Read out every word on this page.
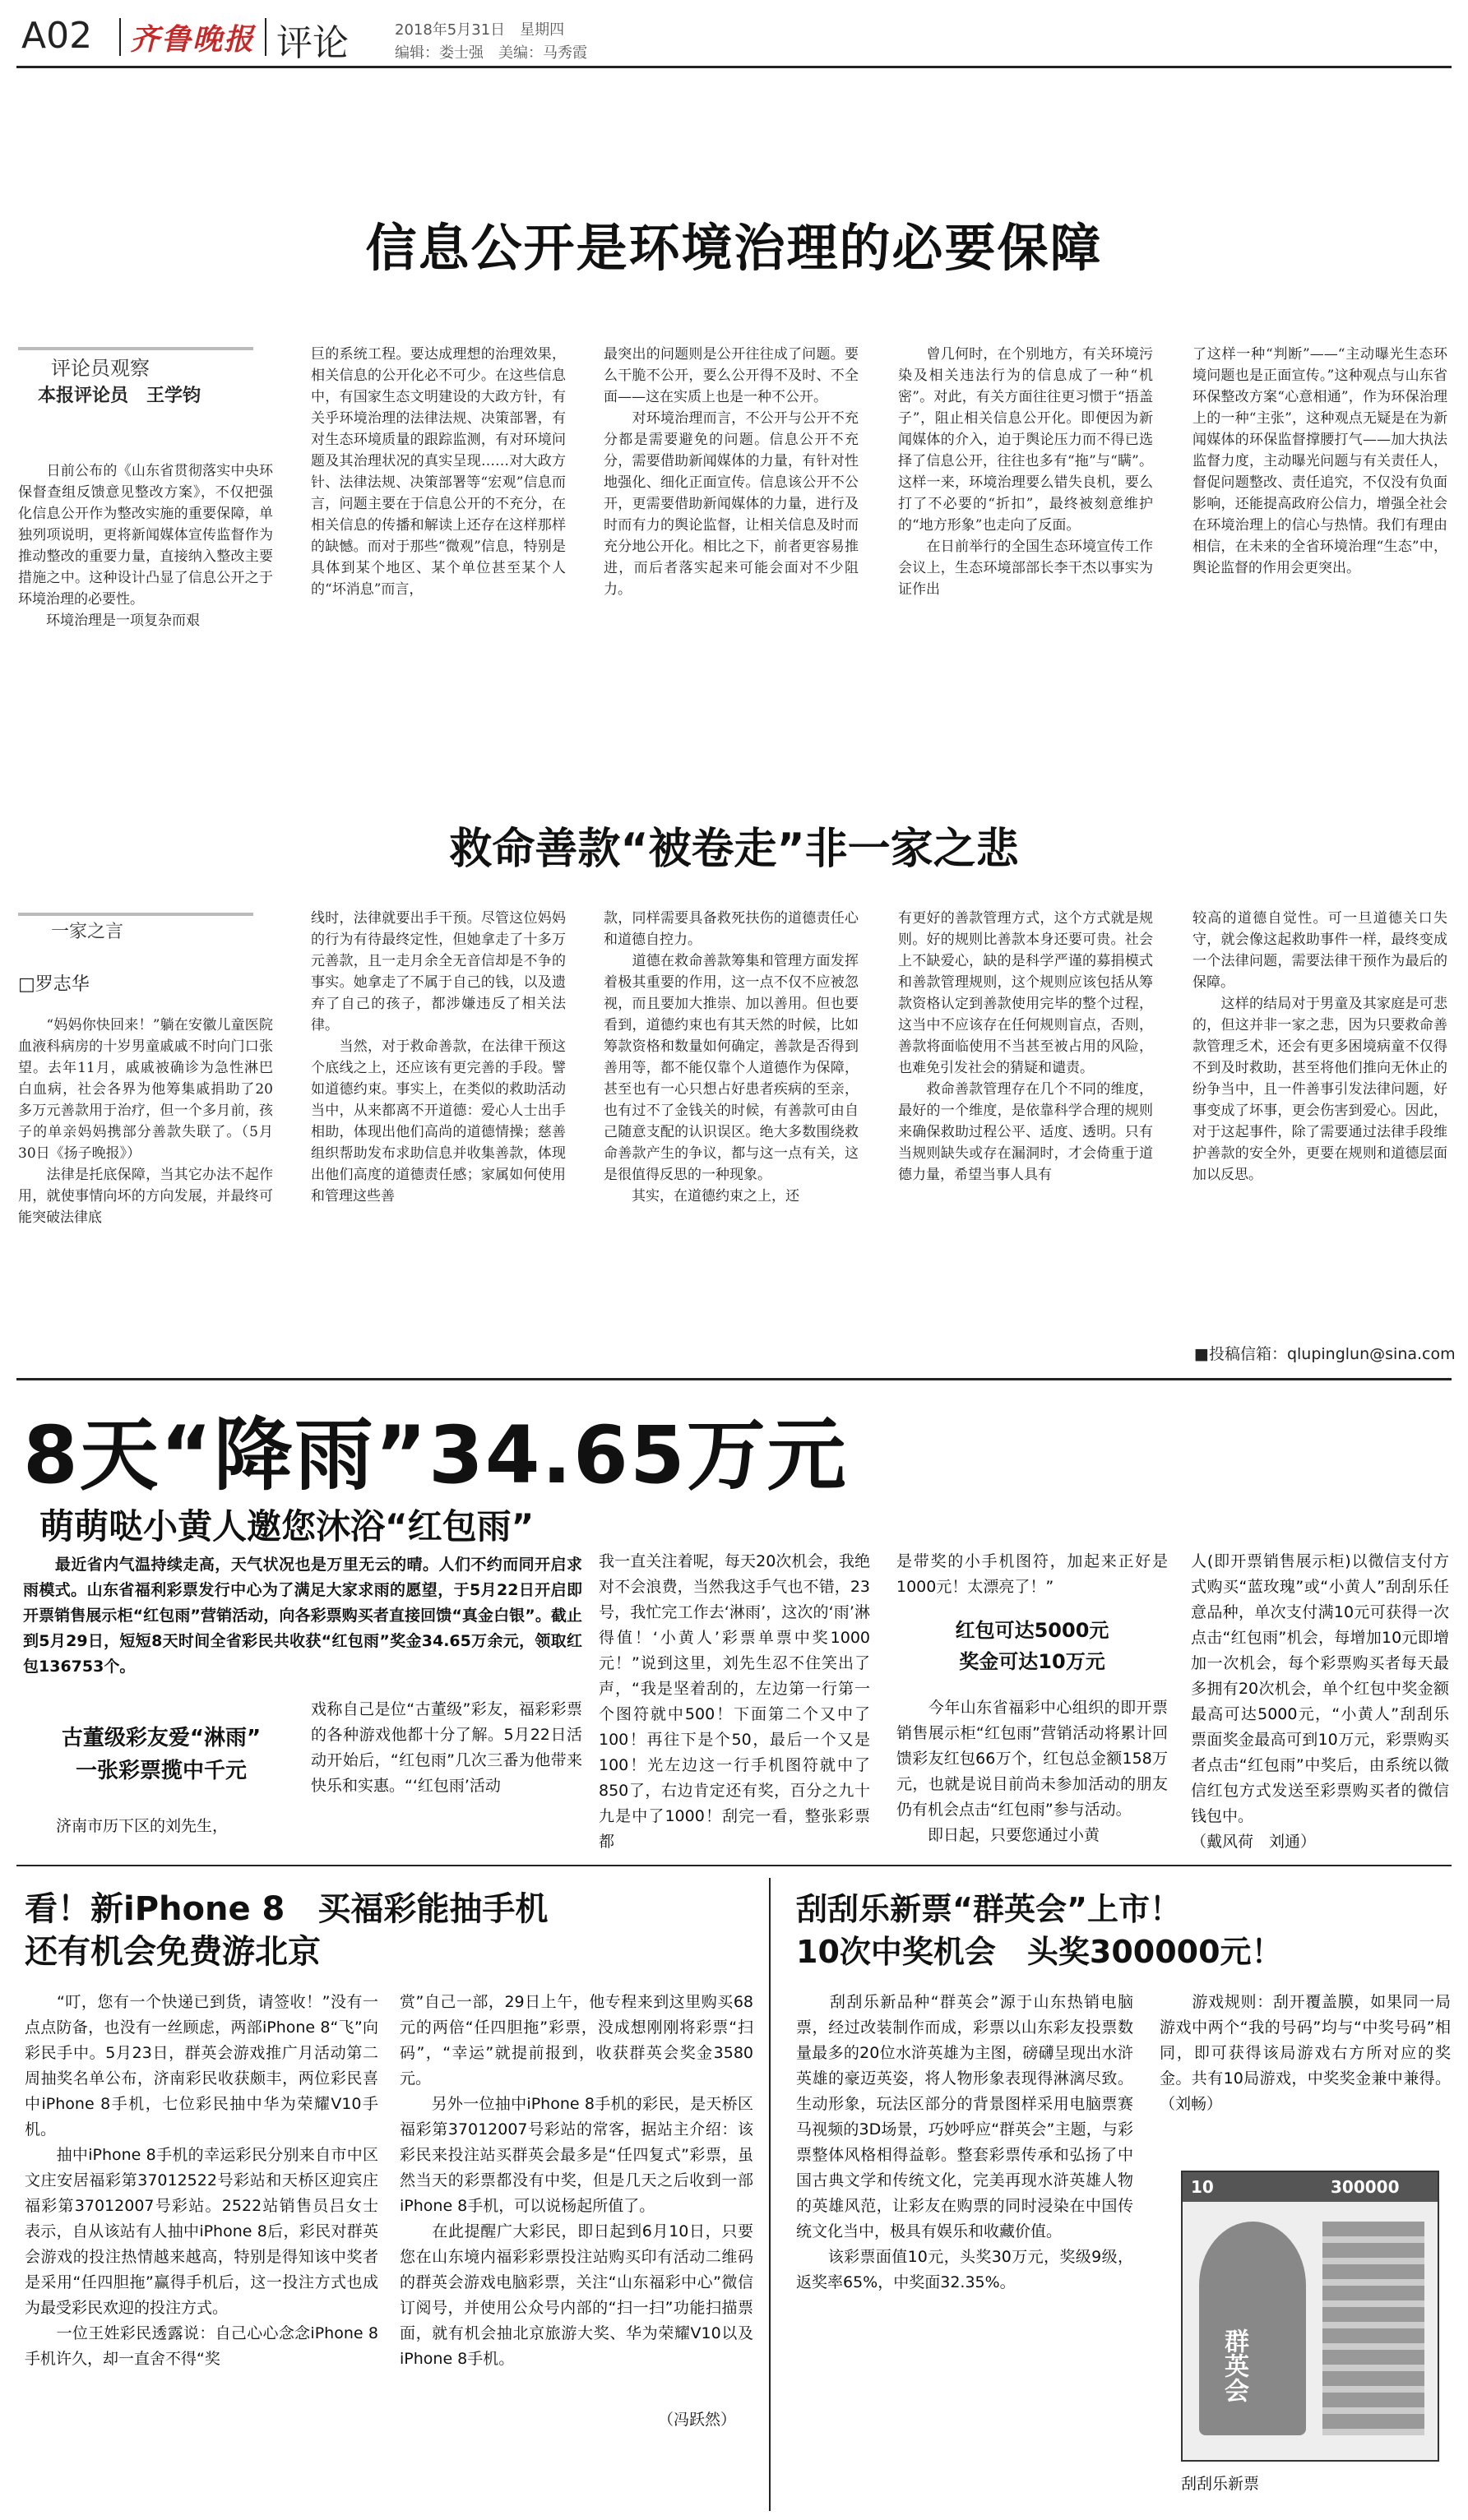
A02 齐鲁晚报 评论	2018年5月31日　星期四
编辑：娄士强　美编：马秀霞
信息公开是环境治理的必要保障
评论员观察
本报评论员　王学钧
　　日前公布的《山东省贯彻落实中央环保督查组反馈意见整改方案》，不仅把强化信息公开作为整改实施的重要保障，单独列项说明，更将新闻媒体宣传监督作为推动整改的重要力量，直接纳入整改主要措施之中。这种设计凸显了信息公开之于环境治理的必要性。
　　环境治理是一项复杂而艰
巨的系统工程。要达成理想的治理效果，相关信息的公开化必不可少。在这些信息中，有国家生态文明建设的大政方针，有关乎环境治理的法律法规、决策部署，有对生态环境质量的跟踪监测，有对环境问题及其治理状况的真实呈现……对大政方针、法律法规、决策部署等“宏观”信息而言，问题主要在于信息公开的不充分，在相关信息的传播和解读上还存在这样那样的缺憾。而对于那些“微观”信息，特别是具体到某个地区、某个单位甚至某个人的“坏消息”而言，
最突出的问题则是公开往往成了问题。要么干脆不公开，要么公开得不及时、不全面——这在实质上也是一种不公开。
　　对环境治理而言，不公开与公开不充分都是需要避免的问题。信息公开不充分，需要借助新闻媒体的力量，有针对性地强化、细化正面宣传。信息该公开不公开，更需要借助新闻媒体的力量，进行及时而有力的舆论监督，让相关信息及时而充分地公开化。相比之下，前者更容易推进，而后者落实起来可能会面对不少阻力。
　　曾几何时，在个别地方，有关环境污染及相关违法行为的信息成了一种“机密”。对此，有关方面往往更习惯于“捂盖子”，阻止相关信息公开化。即便因为新闻媒体的介入，迫于舆论压力而不得已选择了信息公开，往往也多有“拖”与“瞒”。这样一来，环境治理要么错失良机，要么打了不必要的“折扣”，最终被刻意维护的“地方形象”也走向了反面。
　　在日前举行的全国生态环境宣传工作会议上，生态环境部部长李干杰以事实为证作出
了这样一种“判断”——“主动曝光生态环境问题也是正面宣传。”这种观点与山东省环保整改方案“心意相通”，作为环保治理上的一种“主张”，这种观点无疑是在为新闻媒体的环保监督撑腰打气——加大执法监督力度，主动曝光问题与有关责任人，督促问题整改、责任追究，不仅没有负面影响，还能提高政府公信力，增强全社会在环境治理上的信心与热情。我们有理由相信，在未来的全省环境治理“生态”中，舆论监督的作用会更突出。
救命善款“被卷走”非一家之悲
一家之言
□罗志华
　　“妈妈你快回来！”躺在安徽儿童医院血液科病房的十岁男童戚戚不时向门口张望。去年11月，戚戚被确诊为急性淋巴白血病，社会各界为他筹集戚捐助了20多万元善款用于治疗，但一个多月前，孩子的单亲妈妈携部分善款失联了。（5月30日《扬子晚报》）
　　法律是托底保障，当其它办法不起作用，就使事情向坏的方向发展，并最终可能突破法律底
线时，法律就要出手干预。尽管这位妈妈的行为有待最终定性，但她拿走了十多万元善款，且一走月余全无音信却是不争的事实。她拿走了不属于自己的钱，以及遗弃了自己的孩子，都涉嫌违反了相关法律。
　　当然，对于救命善款，在法律干预这个底线之上，还应该有更完善的手段。譬如道德约束。事实上，在类似的救助活动当中，从来都离不开道德：爱心人士出手相助，体现出他们高尚的道德情操；慈善组织帮助发布求助信息并收集善款，体现出他们高度的道德责任感；家属如何使用和管理这些善
款，同样需要具备救死扶伤的道德责任心和道德自控力。
　　道德在救命善款筹集和管理方面发挥着极其重要的作用，这一点不仅不应被忽视，而且要加大推崇、加以善用。但也要看到，道德约束也有其天然的时候，比如筹款资格和数量如何确定，善款是否得到善用等，都不能仅靠个人道德作为保障，甚至也有一心只想占好患者疾病的至亲，也有过不了金钱关的时候，有善款可由自己随意支配的认识误区。绝大多数围绕救命善款产生的争议，都与这一点有关，这是很值得反思的一种现象。
　　其实，在道德约束之上，还
有更好的善款管理方式，这个方式就是规则。好的规则比善款本身还要可贵。社会上不缺爱心，缺的是科学严谨的募捐模式和善款管理规则，这个规则应该包括从筹款资格认定到善款使用完毕的整个过程，这当中不应该存在任何规则盲点，否则，善款将面临使用不当甚至被占用的风险，也难免引发社会的猜疑和谴责。
　　救命善款管理存在几个不同的维度，最好的一个维度，是依靠科学合理的规则来确保救助过程公平、适度、透明。只有当规则缺失或存在漏洞时，才会倚重于道德力量，希望当事人具有
较高的道德自觉性。可一旦道德关口失守，就会像这起救助事件一样，最终变成一个法律问题，需要法律干预作为最后的保障。
　　这样的结局对于男童及其家庭是可悲的，但这并非一家之悲，因为只要救命善款管理乏术，还会有更多困境病童不仅得不到及时救助，甚至将他们推向无休止的纷争当中，且一件善事引发法律问题，好事变成了坏事，更会伤害到爱心。因此，对于这起事件，除了需要通过法律手段维护善款的安全外，更要在规则和道德层面加以反思。
■投稿信箱：qlupinglun@sina.com
8天“降雨”34.65万元
萌萌哒小黄人邀您沐浴“红包雨”
　　最近省内气温持续走高，天气状况也是万里无云的晴。人们不约而同开启求雨模式。山东省福利彩票发行中心为了满足大家求雨的愿望，于5月22日开启即开票销售展示柜“红包雨”营销活动，向各彩票购买者直接回馈“真金白银”。截止到5月29日，短短8天时间全省彩民共收获“红包雨”奖金34.65万余元，领取红包136753个。
古董级彩友爱“淋雨”
一张彩票揽中千元
　　济南市历下区的刘先生，
戏称自己是位“古董级”彩友，福彩彩票的各种游戏他都十分了解。5月22日活动开始后，“红包雨”几次三番为他带来快乐和实惠。“‘红包雨’活动
我一直关注着呢，每天20次机会，我绝对不会浪费，当然我这手气也不错，23号，我忙完工作去‘淋雨’，这次的‘雨’淋得值！‘小黄人’彩票单票中奖1000元！”说到这里，刘先生忍不住笑出了声，“我是坚着刮的，左边第一行第一个图符就中500！下面第二个又中了100！再往下是个50，最后一个又是100！光左边这一行手机图符就中了850了，右边肯定还有奖，百分之九十九是中了1000！刮完一看，整张彩票都
是带奖的小手机图符，加起来正好是1000元！太漂亮了！”
红包可达5000元
奖金可达10万元
　　今年山东省福彩中心组织的即开票销售展示柜“红包雨”营销活动将累计回馈彩友红包66万个，红包总金额158万元，也就是说目前尚未参加活动的朋友仍有机会点击“红包雨”参与活动。
　　即日起，只要您通过小黄
人(即开票销售展示柜)以微信支付方式购买“蓝玫瑰”或“小黄人”刮刮乐任意品种，单次支付满10元可获得一次点击“红包雨”机会，每增加10元即增加一次机会，每个彩票购买者每天最多拥有20次机会，单个红包中奖金额最高可达5000元，“小黄人”刮刮乐票面奖金最高可到10万元，彩票购买者点击“红包雨”中奖后，由系统以微信红包方式发送至彩票购买者的微信钱包中。
（戴风荷　刘通）
看！新iPhone 8　买福彩能抽手机
还有机会免费游北京
　　“叮，您有一个快递已到货，请签收！”没有一点点防备，也没有一丝顾虑，两部iPhone 8“飞”向彩民手中。5月23日，群英会游戏推广月活动第二周抽奖名单公布，济南彩民收获颇丰，两位彩民喜中iPhone 8手机，七位彩民抽中华为荣耀V10手机。
　　抽中iPhone 8手机的幸运彩民分别来自市中区文庄安居福彩第37012522号彩站和天桥区迎宾庄福彩第37012007号彩站。2522站销售员吕女士表示，自从该站有人抽中iPhone 8后，彩民对群英会游戏的投注热情越来越高，特别是得知该中奖者是采用“任四胆拖”赢得手机后，这一投注方式也成为最受彩民欢迎的投注方式。
　　一位王姓彩民透露说：自己心心念念iPhone 8手机许久，却一直舍不得“奖
赏”自己一部，29日上午，他专程来到这里购买68元的两倍“任四胆拖”彩票，没成想刚刚将彩票“扫码”，“幸运”就提前报到，收获群英会奖金3580元。
　　另外一位抽中iPhone 8手机的彩民，是天桥区福彩第37012007号彩站的常客，据站主介绍：该彩民来投注站买群英会最多是“任四复式”彩票，虽然当天的彩票都没有中奖，但是几天之后收到一部iPhone 8手机，可以说杨起所值了。
　　在此提醒广大彩民，即日起到6月10日，只要您在山东境内福彩彩票投注站购买印有活动二维码的群英会游戏电脑彩票，关注“山东福彩中心”微信订阅号，并使用公众号内部的“扫一扫”功能扫描票面，就有机会抽北京旅游大奖、华为荣耀V10以及iPhone 8手机。
（冯跃然）
刮刮乐新票“群英会”上市！
10次中奖机会　头奖300000元！
　　刮刮乐新品种“群英会”源于山东热销电脑票，经过改装制作而成，彩票以山东彩友投票数量最多的20位水浒英雄为主图，磅礴呈现出水浒英雄的豪迈英姿，将人物形象表现得淋漓尽致。生动形象，玩法区部分的背景图样采用电脑票赛马视频的3D场景，巧妙呼应“群英会”主题，与彩票整体风格相得益彰。整套彩票传承和弘扬了中国古典文学和传统文化，完美再现水浒英雄人物的英雄风范，让彩友在购票的同时浸染在中国传统文化当中，极具有娱乐和收藏价值。
　　该彩票面值10元，头奖30万元，奖级9级，返奖率65%，中奖面32.35%。
　　游戏规则：刮开覆盖膜，如果同一局游戏中两个“我的号码”均与“中奖号码”相同，即可获得该局游戏右方所对应的奖金。共有10局游戏，中奖奖金兼中兼得。（刘畅）
10	300000
群英会
刮刮乐新票
